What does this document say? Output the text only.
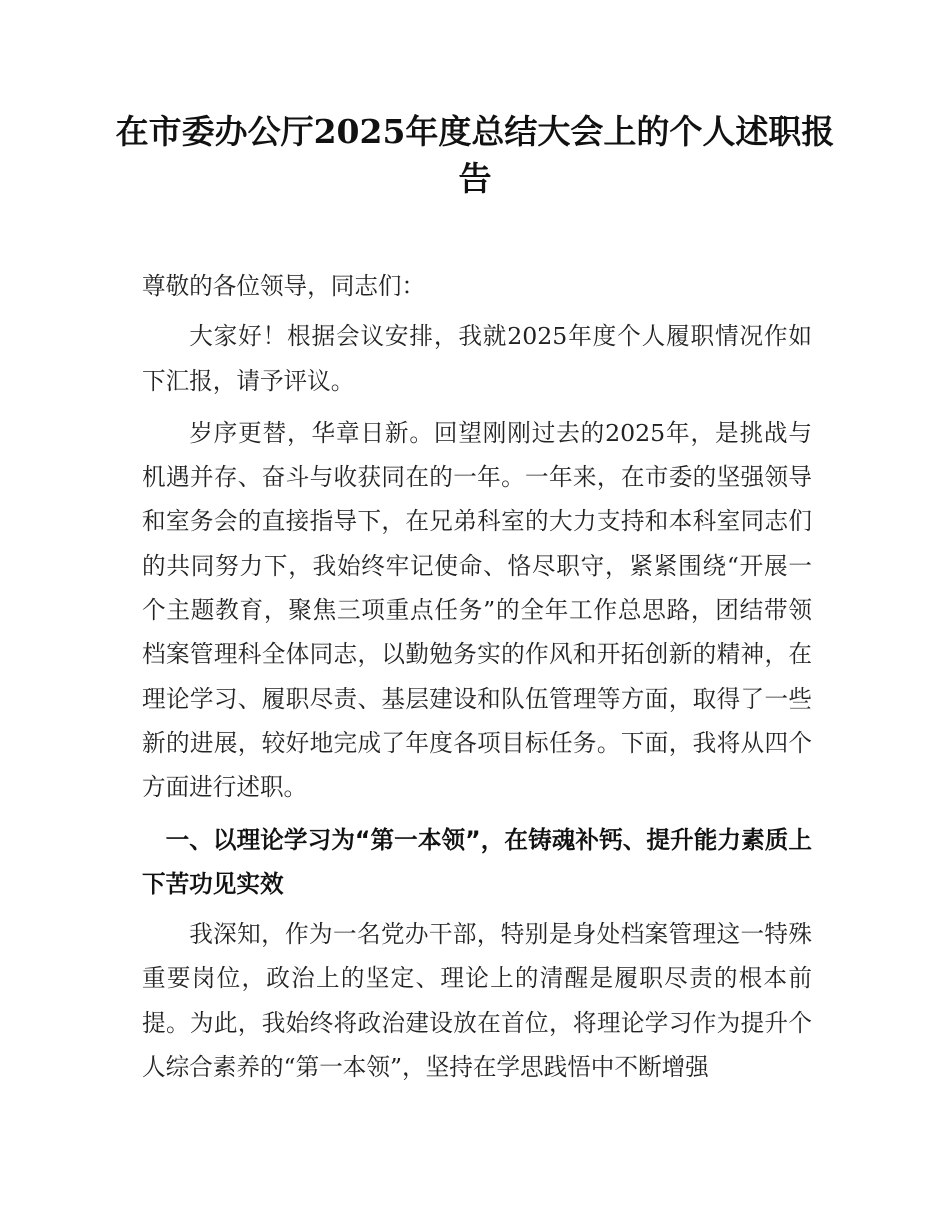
在市委办公厅2025年度总结大会上的个人述职报告

尊敬的各位领导，同志们：

大家好！根据会议安排，我就2025年度个人履职情况作如下汇报，请予评议。

岁序更替，华章日新。回望刚刚过去的2025年，是挑战与机遇并存、奋斗与收获同在的一年。一年来，在市委的坚强领导和室务会的直接指导下，在兄弟科室的大力支持和本科室同志们的共同努力下，我始终牢记使命、恪尽职守，紧紧围绕“开展一个主题教育，聚焦三项重点任务”的全年工作总思路，团结带领档案管理科全体同志，以勤勉务实的作风和开拓创新的精神，在理论学习、履职尽责、基层建设和队伍管理等方面，取得了一些新的进展，较好地完成了年度各项目标任务。下面，我将从四个方面进行述职。

一、以理论学习为“第一本领”，在铸魂补钙、提升能力素质上下苦功见实效

我深知，作为一名党办干部，特别是身处档案管理这一特殊重要岗位，政治上的坚定、理论上的清醒是履职尽责的根本前提。为此，我始终将政治建设放在首位，将理论学习作为提升个人综合素养的“第一本领”，坚持在学思践悟中不断增强
